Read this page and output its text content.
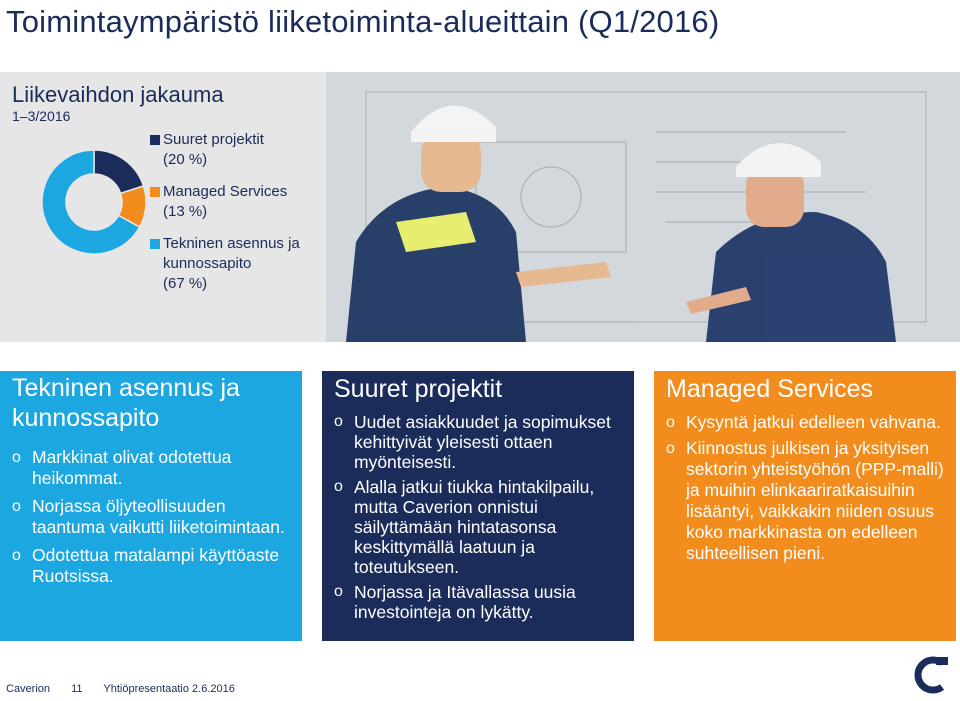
Toimintaympäristö liiketoiminta-alueittain (Q1/2016)
Liikevaihdon jakauma
1–3/2016
Suuret projektit
(20 %)
Managed Services
(13 %)
Tekninen asennus ja kunnossapito
(67 %)
Tekninen asennus ja kunnossapito
o Markkinat olivat odotettua heikommat.
o Norjassa öljyteollisuuden taantuma vaikutti liiketoimintaan.
o Odotettua matalampi käyttöaste Ruotsissa.
Suuret projektit
o Uudet asiakkuudet ja sopimukset kehittyivät yleisesti ottaen myönteisesti.
o Alalla jatkui tiukka hintakilpailu, mutta Caverion onnistui säilyttämään hintatasonsa keskittymällä laatuun ja toteutukseen.
o Norjassa ja Itävallassa uusia investointeja on lykätty.
Managed Services
o Kysyntä jatkui edelleen vahvana.
o Kiinnostus julkisen ja yksityisen sektorin yhteistyöhön (PPP-malli) ja muihin elinkaariratkaisuihin lisääntyi, vaikkakin niiden osuus koko markkinasta on edelleen suhteellisen pieni.
Caverion 11 Yhtiöpresentaatio 2.6.2016
